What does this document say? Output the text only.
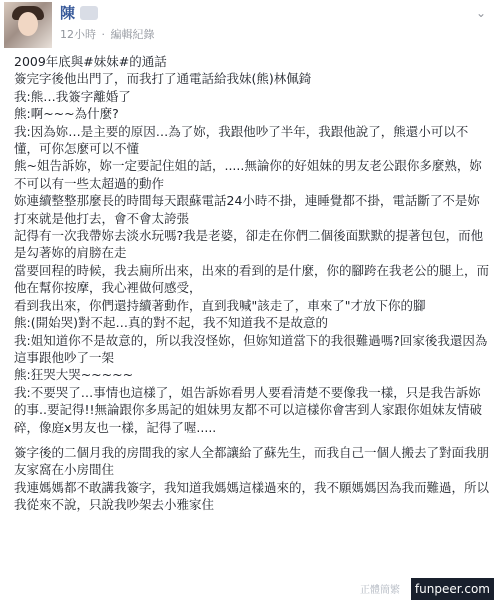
陳
12小時 · 編輯紀錄
⌄

2009年底與#妹妹#的通話

簽完字後他出門了，而我打了通電話給我妹(熊)林佩錡

我:熊…我簽字離婚了

熊:啊~~~為什麼?

我:因為妳…是主要的原因…為了妳，我跟他吵了半年，我跟他說了，熊還小可以不懂，可你怎麼可以不懂

熊~姐告訴妳，妳一定要記住姐的話，.....無論你的好姐妹的男友老公跟你多麼熟，妳不可以有一些太超過的動作

妳連續整整那麼長的時間每天跟蘇電話24小時不掛，連睡覺都不掛，電話斷了不是妳打來就是他打去，會不會太誇張

記得有一次我帶妳去淡水玩嗎?我是老婆，卻走在你們二個後面默默的提著包包，而他是勾著妳的肩膀在走

當要回程的時候，我去廁所出來，出來的看到的是什麼，你的腳跨在我老公的腿上，而他在幫你按摩，我心裡做何感受，

看到我出來，你們還持續著動作，直到我喊"該走了，車來了"才放下你的腳

熊:(開始哭)對不起…真的對不起，我不知道我不是故意的

我:姐知道你不是故意的，所以我沒怪妳，但妳知道當下的我很難過嗎?回家後我還因為這事跟他吵了一架

熊:狂哭大哭~~~~~

我:不要哭了…事情也這樣了，姐告訴妳看男人要看清楚不要像我一樣，只是我告訴妳的事..要記得!!無論跟你多馬記的姐妹男友都不可以這樣你會害到人家跟你姐妹友情破碎，像庭x男友也一樣，記得了喔.....

簽字後的二個月我的房間我的家人全都讓給了蘇先生，而我自己一個人搬去了對面我朋友家窩在小房間住

我連媽媽都不敢講我簽字，我知道我媽媽這樣過來的，我不願媽媽因為我而難過，所以我從來不說，只說我吵架去小雅家住

正體簡繁	funpeer.com
